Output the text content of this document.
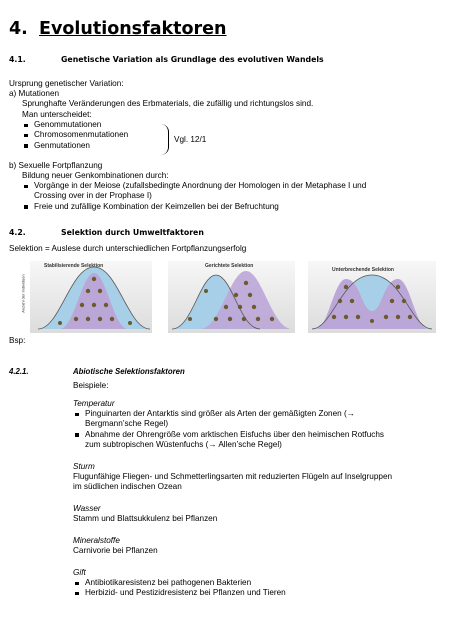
4. Evolutionsfaktoren
4.1.	Genetische Variation als Grundlage des evolutiven Wandels
Ursprung genetischer Variation:
a) Mutationen
Sprunghafte Veränderungen des Erbmaterials, die zufällig und richtungslos sind.
Man unterscheidet:
Genommutationen
Chromosomenmutationen
Genmutationen
Vgl. 12/1
b) Sexuelle Fortpflanzung
Bildung neuer Genkombinationen durch:
Vorgänge in der Meiose (zufallsbedingte Anordnung der Homologen in der Metaphase I und
Crossing over in der Prophase I)
Freie und zufällige Kombination der Keimzellen bei der Befruchtung
4.2.	Selektion durch Umweltfaktoren
Selektion = Auslese durch unterschiedlichen Fortpflanzungserfolg
Stabilisierende Selektion	Gerichtete Selektion
Unterbrechende Selektion
Anzahl der Individuen
Bsp:
4.2.1.	Abiotische Selektionsfaktoren
Beispiele:
Temperatur
Pinguinarten der Antarktis sind größer als Arten der gemäßigten Zonen (→
Bergmann’sche Regel)
Abnahme der Ohrengröße vom arktischen Eisfuchs über den heimischen Rotfuchs
zum subtropischen Wüstenfuchs (→ Allen’sche Regel)
Sturm
Flugunfähige Fliegen- und Schmetterlingsarten mit reduzierten Flügeln auf Inselgruppen
im südlichen indischen Ozean
Wasser
Stamm und Blattsukkulenz bei Pflanzen
Mineralstoffe
Carnivorie bei Pflanzen
Gift
Antibiotikaresistenz bei pathogenen Bakterien
Herbizid- und Pestizidresistenz bei Pflanzen und Tieren
